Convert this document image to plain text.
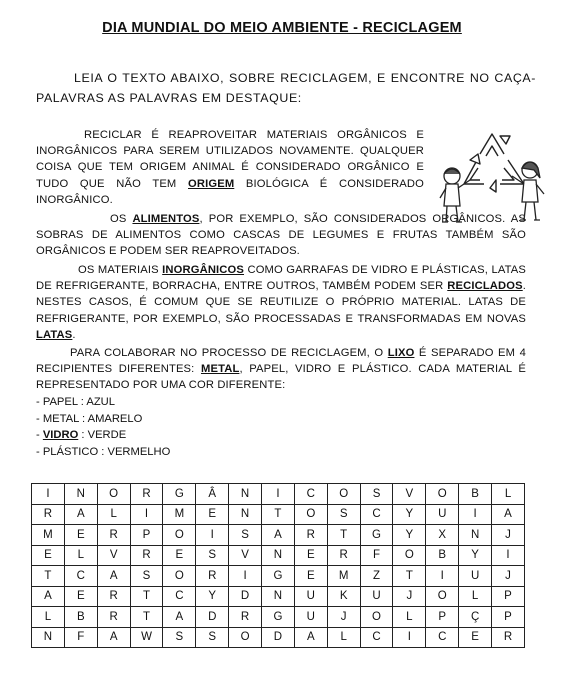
DIA MUNDIAL DO MEIO AMBIENTE - RECICLAGEM
LEIA O TEXTO ABAIXO, SOBRE RECICLAGEM, E ENCONTRE NO CAÇA-PALAVRAS AS PALAVRAS EM DESTAQUE:
RECICLAR É REAPROVEITAR MATERIAIS ORGÂNICOS E INORGÂNICOS PARA SEREM UTILIZADOS NOVAMENTE. QUALQUER COISA QUE TEM ORIGEM ANIMAL É CONSIDERADO ORGÂNICO E TUDO QUE NÃO TEM ORIGEM BIOLÓGICA É CONSIDERADO INORGÂNICO.
OS ALIMENTOS, POR EXEMPLO, SÃO CONSIDERADOS ORGÂNICOS. AS SOBRAS DE ALIMENTOS COMO CASCAS DE LEGUMES E FRUTAS TAMBÉM SÃO ORGÂNICOS E PODEM SER REAPROVEITADOS.
OS MATERIAIS INORGÂNICOS COMO GARRAFAS DE VIDRO E PLÁSTICAS, LATAS DE REFRIGERANTE, BORRACHA, ENTRE OUTROS, TAMBÉM PODEM SER RECICLADOS. NESTES CASOS, É COMUM QUE SE REUTILIZE O PRÓPRIO MATERIAL. LATAS DE REFRIGERANTE, POR EXEMPLO, SÃO PROCESSADAS E TRANSFORMADAS EM NOVAS LATAS.
PARA COLABORAR NO PROCESSO DE RECICLAGEM, O LIXO É SEPARADO EM 4 RECIPIENTES DIFERENTES: METAL, PAPEL, VIDRO E PLÁSTICO. CADA MATERIAL É REPRESENTADO POR UMA COR DIFERENTE:
- PAPEL : AZUL
- METAL : AMARELO
- VIDRO : VERDE
- PLÁSTICO : VERMELHO
I	N	O	R	G	Â	N	I	C	O	S	V	O	B	L
R	A	L	I	M	E	N	T	O	S	C	Y	U	I	A
M	E	R	P	O	I	S	A	R	T	G	Y	X	N	J
E	L	V	R	E	S	V	N	E	R	F	O	B	Y	I
T	C	A	S	O	R	I	G	E	M	Z	T	I	U	J
A	E	R	T	C	Y	D	N	U	K	U	J	O	L	P
L	B	R	T	A	D	R	G	U	J	O	L	P	Ç	P
N	F	A	W	S	S	O	D	A	L	C	I	C	E	R
